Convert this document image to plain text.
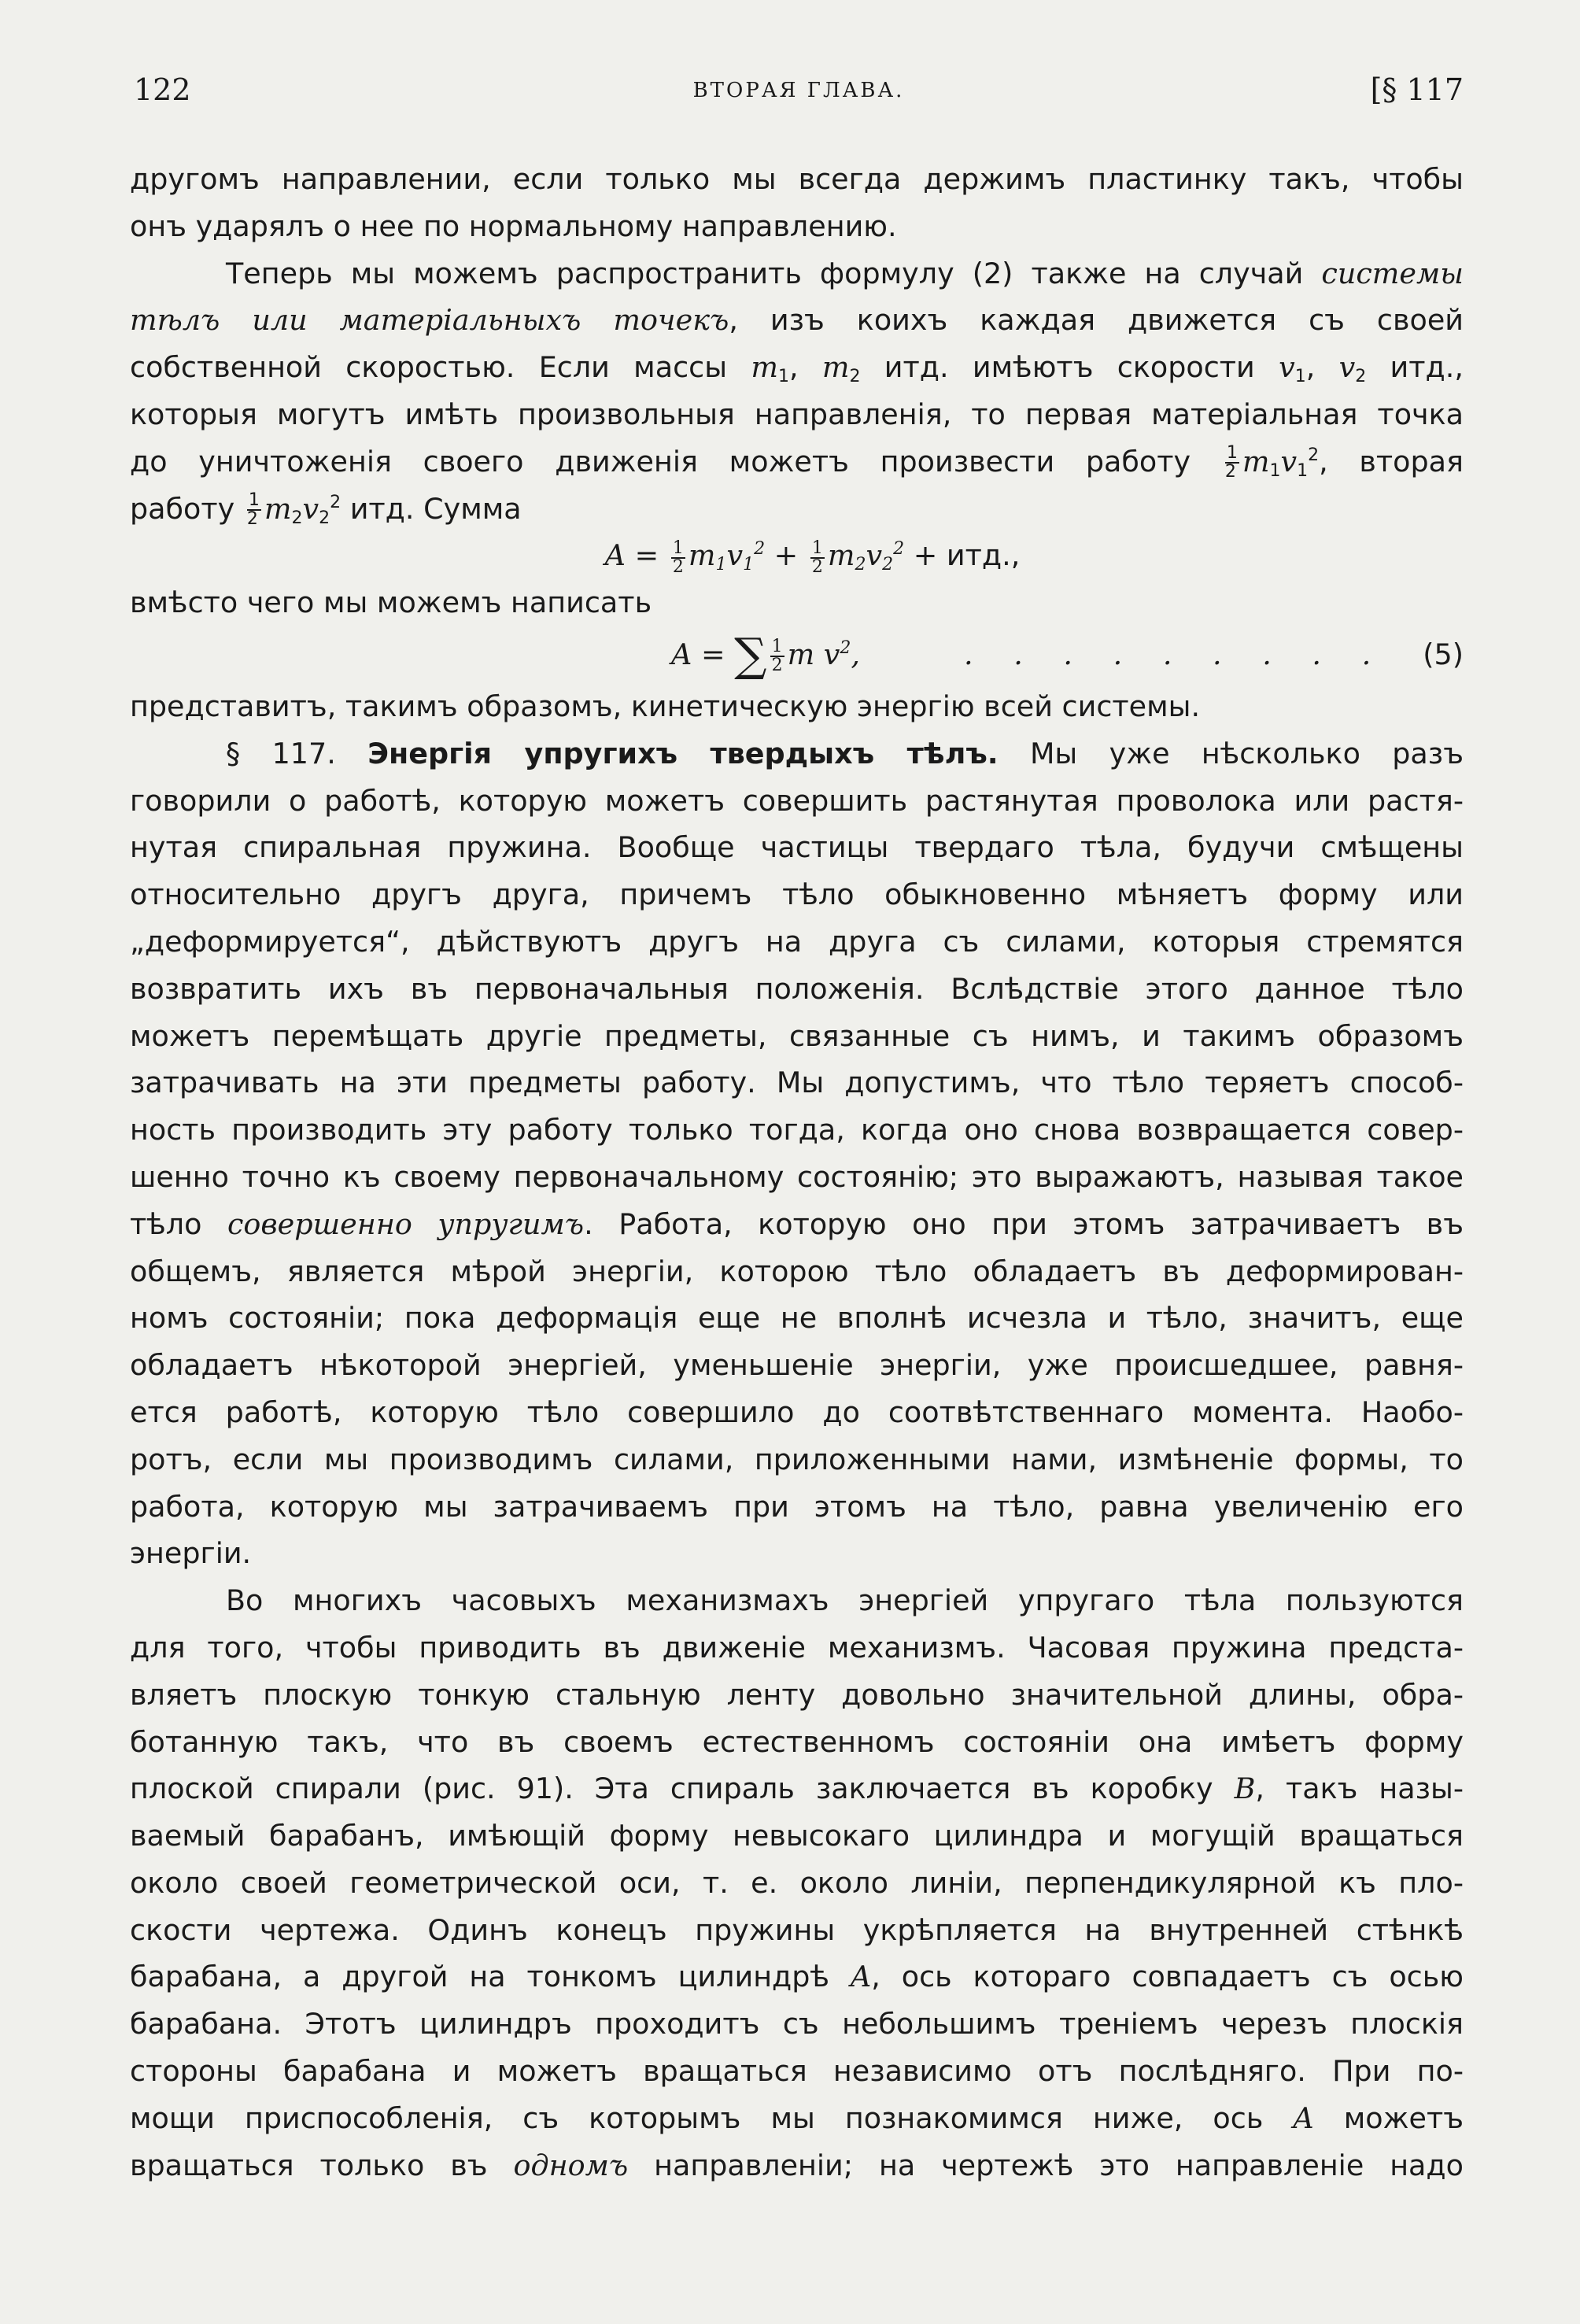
122	ВТОРАЯ ГЛАВА.	[§ 117

другомъ направлении, если только мы всегда держимъ пластинку такъ, чтобы

онъ ударялъ о нее по нормальному направлению.

Теперь мы можемъ распространить формулу (2) также на случай системы

тѣлъ или матеріальныхъ точекъ, изъ коихъ каждая движется съ своей

собственной скоростью. Если массы $m_1$, $m_2$ итд. имѣютъ скорости $v_1$, $v_2$ итд.,

которыя могутъ имѣть произвольныя направленія, то первая матеріальная точка

до уничтоженія своего движенія можетъ произвести работу $\frac{1}{2} m_1v_1^2$, вторая

работу $\frac{1}{2} m_2v_2^2$ итд. Сумма

$A = \frac{1}{2} m_1v_1^2 + \frac{1}{2} m_2v_2^2$ + итд.,

вмѣсто чего мы можемъ написать

A = ∑ $\frac{1}{2}$ m $v^2$,	. . . . . . . . . (5)

представитъ, такимъ образомъ, кинетическую энергію всей системы.

§ 117. Энергія упругихъ твердыхъ тѣлъ. Мы уже нѣсколько разъ

говорили о работѣ, которую можетъ совершить растянутая проволока или растя-

нутая спиральная пружина. Вообще частицы твердаго тѣла, будучи смѣщены

относительно другъ друга, причемъ тѣло обыкновенно мѣняетъ форму или

„деформируется“, дѣйствуютъ другъ на друга съ силами, которыя стремятся

возвратить ихъ въ первоначальныя положенія. Вслѣдствіе этого данное тѣло

можетъ перемѣщать другіе предметы, связанные съ нимъ, и такимъ образомъ

затрачивать на эти предметы работу. Мы допустимъ, что тѣло теряетъ способ-

ность производить эту работу только тогда, когда оно снова возвращается совер-

шенно точно къ своему первоначальному состоянію; это выражаютъ, называя такое

тѣло совершенно упругимъ. Работа, которую оно при этомъ затрачиваетъ въ

общемъ, является мѣрой энергіи, которою тѣло обладаетъ въ деформирован-

номъ состояніи; пока деформація еще не вполнѣ исчезла и тѣло, значитъ, еще

обладаетъ нѣкоторой энергіей, уменьшеніе энергіи, уже происшедшее, равня-

ется работѣ, которую тѣло совершило до соотвѣтственнаго момента. Наобо-

ротъ, если мы производимъ силами, приложенными нами, измѣненіе формы, то

работа, которую мы затрачиваемъ при этомъ на тѣло, равна увеличенію его

энергіи.

Во многихъ часовыхъ механизмахъ энергіей упругаго тѣла пользуются

для того, чтобы приводить въ движеніе механизмъ. Часовая пружина предста-

вляетъ плоскую тонкую стальную ленту довольно значительной длины, обра-

ботанную такъ, что въ своемъ естественномъ состояніи она имѣетъ форму

плоской спирали (рис. 91). Эта спираль заключается въ коробку B, такъ назы-

ваемый барабанъ, имѣющій форму невысокаго цилиндра и могущій вращаться

около своей геометрической оси, т. е. около линіи, перпендикулярной къ пло-

скости чертежа. Одинъ конецъ пружины укрѣпляется на внутренней стѣнкѣ

барабана, а другой на тонкомъ цилиндрѣ A, ось котораго совпадаетъ съ осью

барабана. Этотъ цилиндръ проходитъ съ небольшимъ треніемъ черезъ плоскія

стороны барабана и можетъ вращаться независимо отъ послѣдняго. При по-

мощи приспособленія, съ которымъ мы познакомимся ниже, ось A можетъ

вращаться только въ одномъ направленіи; на чертежѣ это направленіе надо
